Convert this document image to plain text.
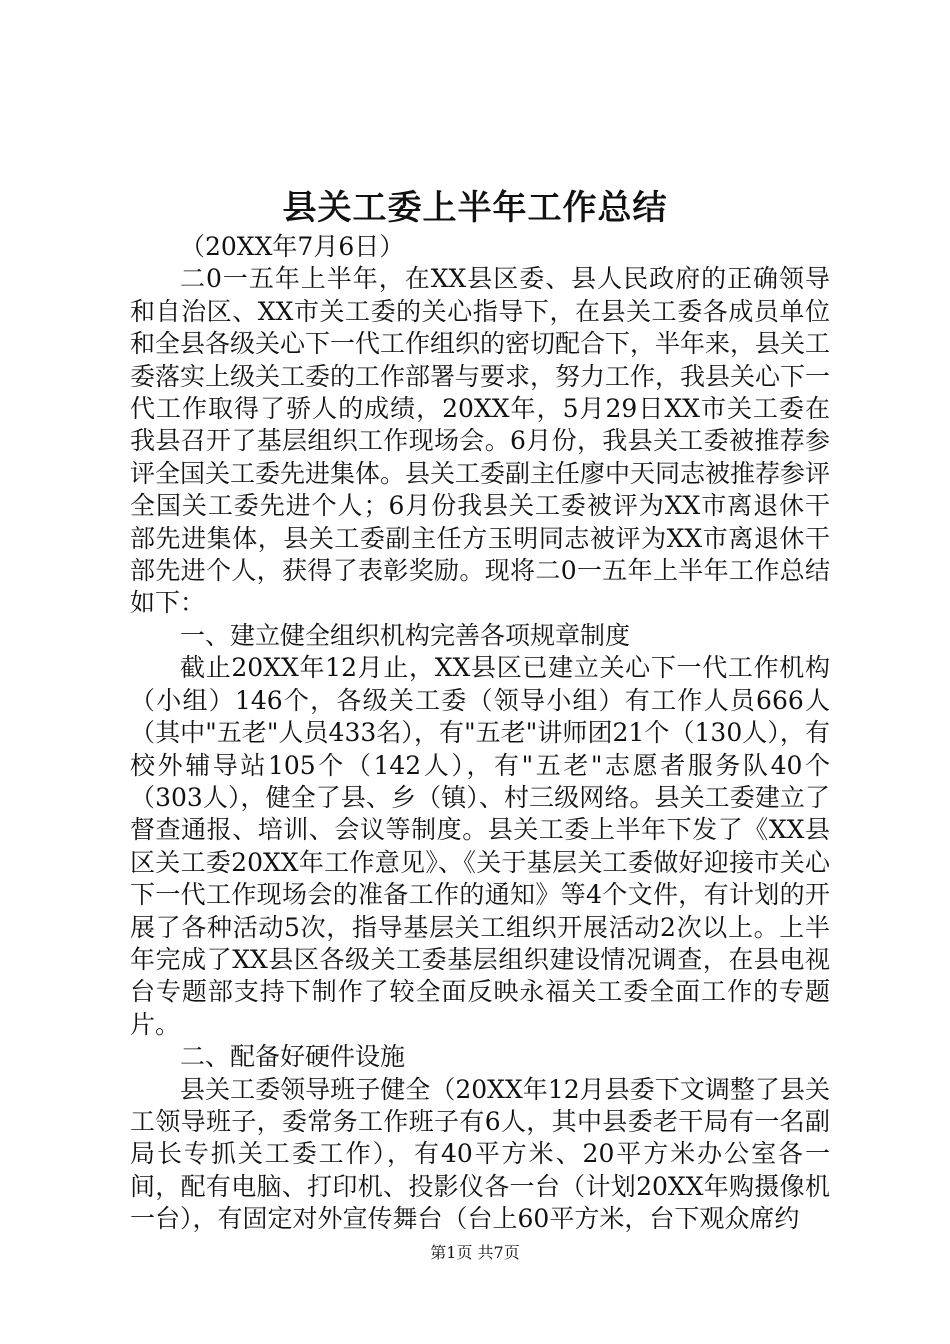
县关工委上半年工作总结

（20XX年7月6日）

二0一五年上半年，在XX县区委、县人民政府的正确领导和自治区、XX市关工委的关心指导下，在县关工委各成员单位和全县各级关心下一代工作组织的密切配合下，半年来，县关工委落实上级关工委的工作部署与要求，努力工作，我县关心下一代工作取得了骄人的成绩，20XX年，5月29日XX市关工委在我县召开了基层组织工作现场会。6月份，我县关工委被推荐参评全国关工委先进集体。县关工委副主任廖中天同志被推荐参评全国关工委先进个人；6月份我县关工委被评为XX市离退休干部先进集体，县关工委副主任方玉明同志被评为XX市离退休干部先进个人，获得了表彰奖励。现将二0一五年上半年工作总结如下：

一、建立健全组织机构完善各项规章制度

截止20XX年12月止，XX县区已建立关心下一代工作机构（小组）146个，各级关工委（领导小组）有工作人员666人（其中"五老"人员433名），有"五老"讲师团21个（130人），有校外辅导站105个（142人），有"五老"志愿者服务队40个（303人），健全了县、乡（镇）、村三级网络。县关工委建立了督查通报、培训、会议等制度。县关工委上半年下发了《XX县区关工委20XX年工作意见》、《关于基层关工委做好迎接市关心下一代工作现场会的准备工作的通知》等4个文件，有计划的开展了各种活动5次，指导基层关工组织开展活动2次以上。上半年完成了XX县区各级关工委基层组织建设情况调查，在县电视台专题部支持下制作了较全面反映永福关工委全面工作的专题片。

二、配备好硬件设施

县关工委领导班子健全（20XX年12月县委下文调整了县关工领导班子，委常务工作班子有6人，其中县委老干局有一名副局长专抓关工委工作），有40平方米、20平方米办公室各一间，配有电脑、打印机、投影仪各一台（计划20XX年购摄像机一台），有固定对外宣传舞台（台上60平方米，台下观众席约

第1页 共7页
